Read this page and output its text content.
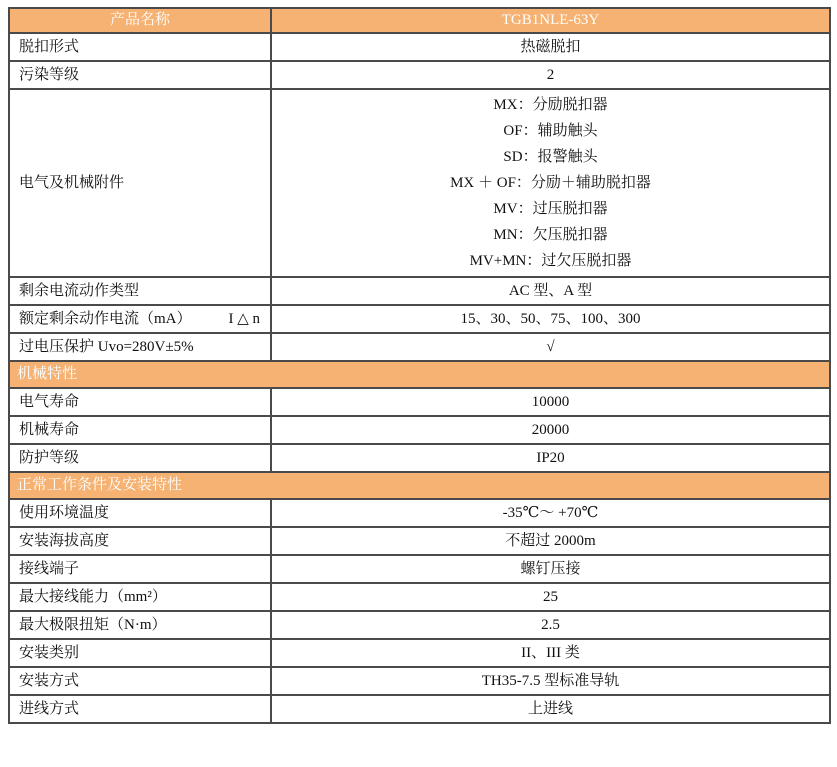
产品名称	TGB1NLE-63Y
脱扣形式	热磁脱扣
污染等级	2
电气及机械附件	
MX：分励脱扣器
OF：辅助触头
SD：报警触头
MX ＋ OF：分励＋辅助脱扣器
MV：过压脱扣器
MN：欠压脱扣器
MV+MN：过欠压脱扣器

剩余电流动作类型	AC 型、A 型

额定剩余动作电流（mA） I △ n	15、30、50、75、100、300
过电压保护 Uvo=280V±5%	√
机械特性	
电气寿命	10000
机械寿命	20000
防护等级	IP20
正常工作条件及安装特性	
使用环境温度	-35℃～ +70℃
安装海拔高度	不超过 2000m
接线端子	螺钉压接
最大接线能力（mm²）	25
最大极限扭矩（N·m）	2.5
安装类别	II、III 类
安装方式	TH35-7.5 型标准导轨
进线方式	上进线
